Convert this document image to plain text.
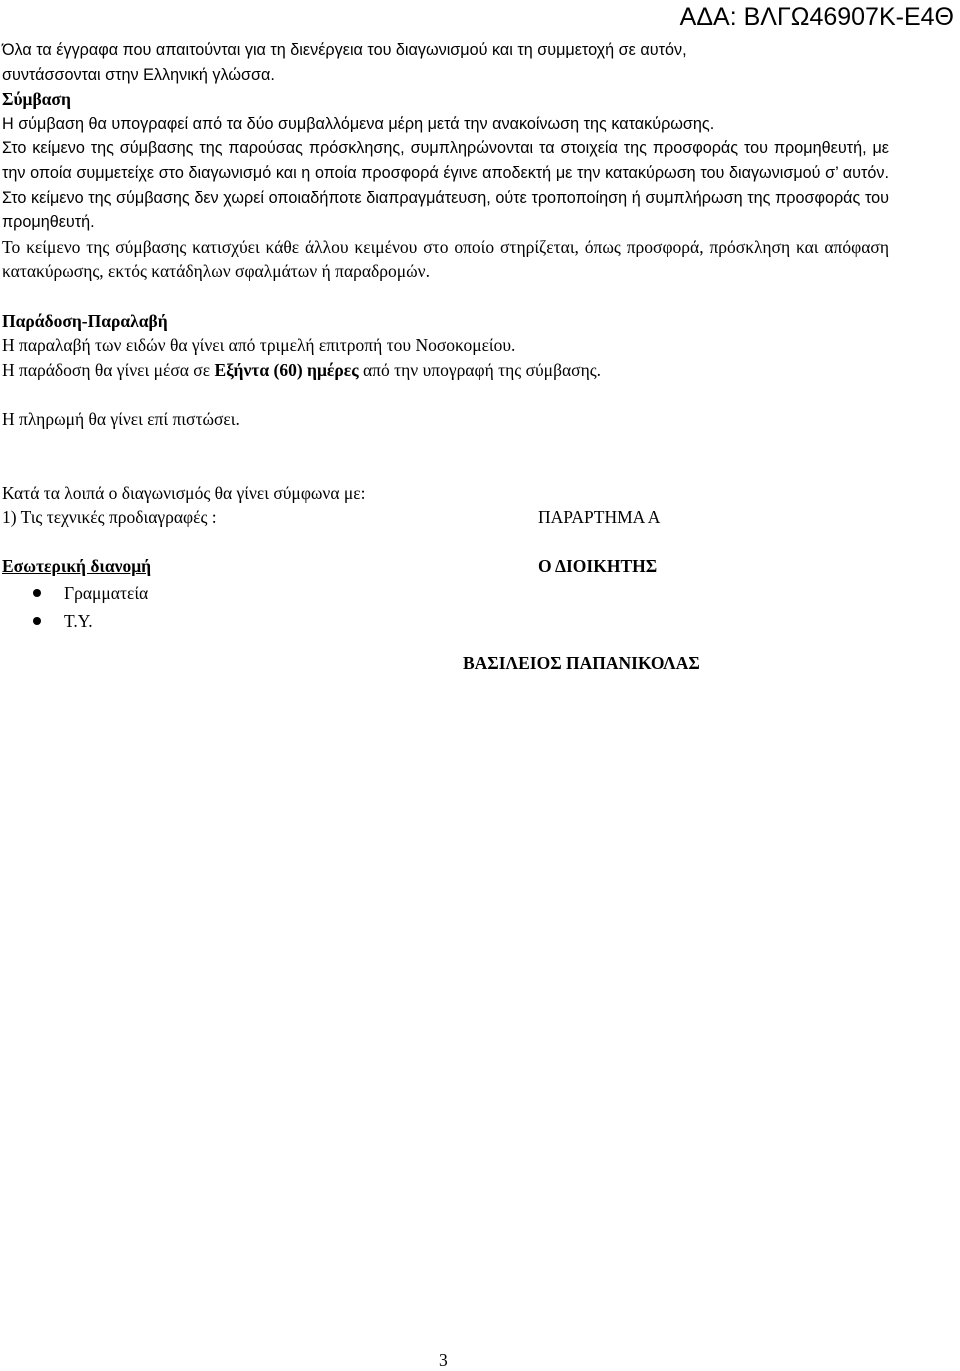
ΑΔΑ: ΒΛΓΩ46907Κ-Ε4Θ

Όλα τα έγγραφα που απαιτούνται για τη διενέργεια του διαγωνισμού και τη συμμετοχή σε αυτόν,
συντάσσονται στην Ελληνική γλώσσα.

Σύμβαση

Η σύμβαση θα υπογραφεί από τα δύο συμβαλλόμενα μέρη μετά την ανακοίνωση της κατακύρωσης.

Στο κείμενο της σύμβασης της παρούσας πρόσκλησης, συμπληρώνονται τα στοιχεία της προσφοράς του προμηθευτή, με την οποία συμμετείχε στο διαγωνισμό και η οποία προσφορά έγινε αποδεκτή με την κατακύρωση του διαγωνισμού σ’ αυτόν. Στο κείμενο της σύμβασης δεν χωρεί οποιαδήποτε διαπραγμάτευση, ούτε τροποποίηση ή συμπλήρωση της προσφοράς του προμηθευτή.

Το κείμενο της σύμβασης κατισχύει κάθε άλλου κειμένου στο οποίο στηρίζεται, όπως προσφορά, πρόσκληση και απόφαση κατακύρωσης, εκτός κατάδηλων σφαλμάτων ή παραδρομών.

Παράδοση-Παραλαβή

Η παραλαβή των ειδών θα γίνει από τριμελή επιτροπή του Νοσοκομείου.

Η παράδοση θα γίνει μέσα σε Εξήντα (60) ημέρες από την υπογραφή της σύμβασης.

Η πληρωμή θα γίνει επί πιστώσει.

Κατά τα λοιπά ο διαγωνισμός θα γίνει σύμφωνα με:

1) Τις τεχνικές προδιαγραφές :	ΠΑΡΑΡΤΗΜΑ Α
Εσωτερική διανομή	Ο ΔΙΟΙΚΗΤΗΣ
Γραμματεία
Τ.Υ.
ΒΑΣΙΛΕΙΟΣ ΠΑΠΑΝΙΚΟΛΑΣ
3
